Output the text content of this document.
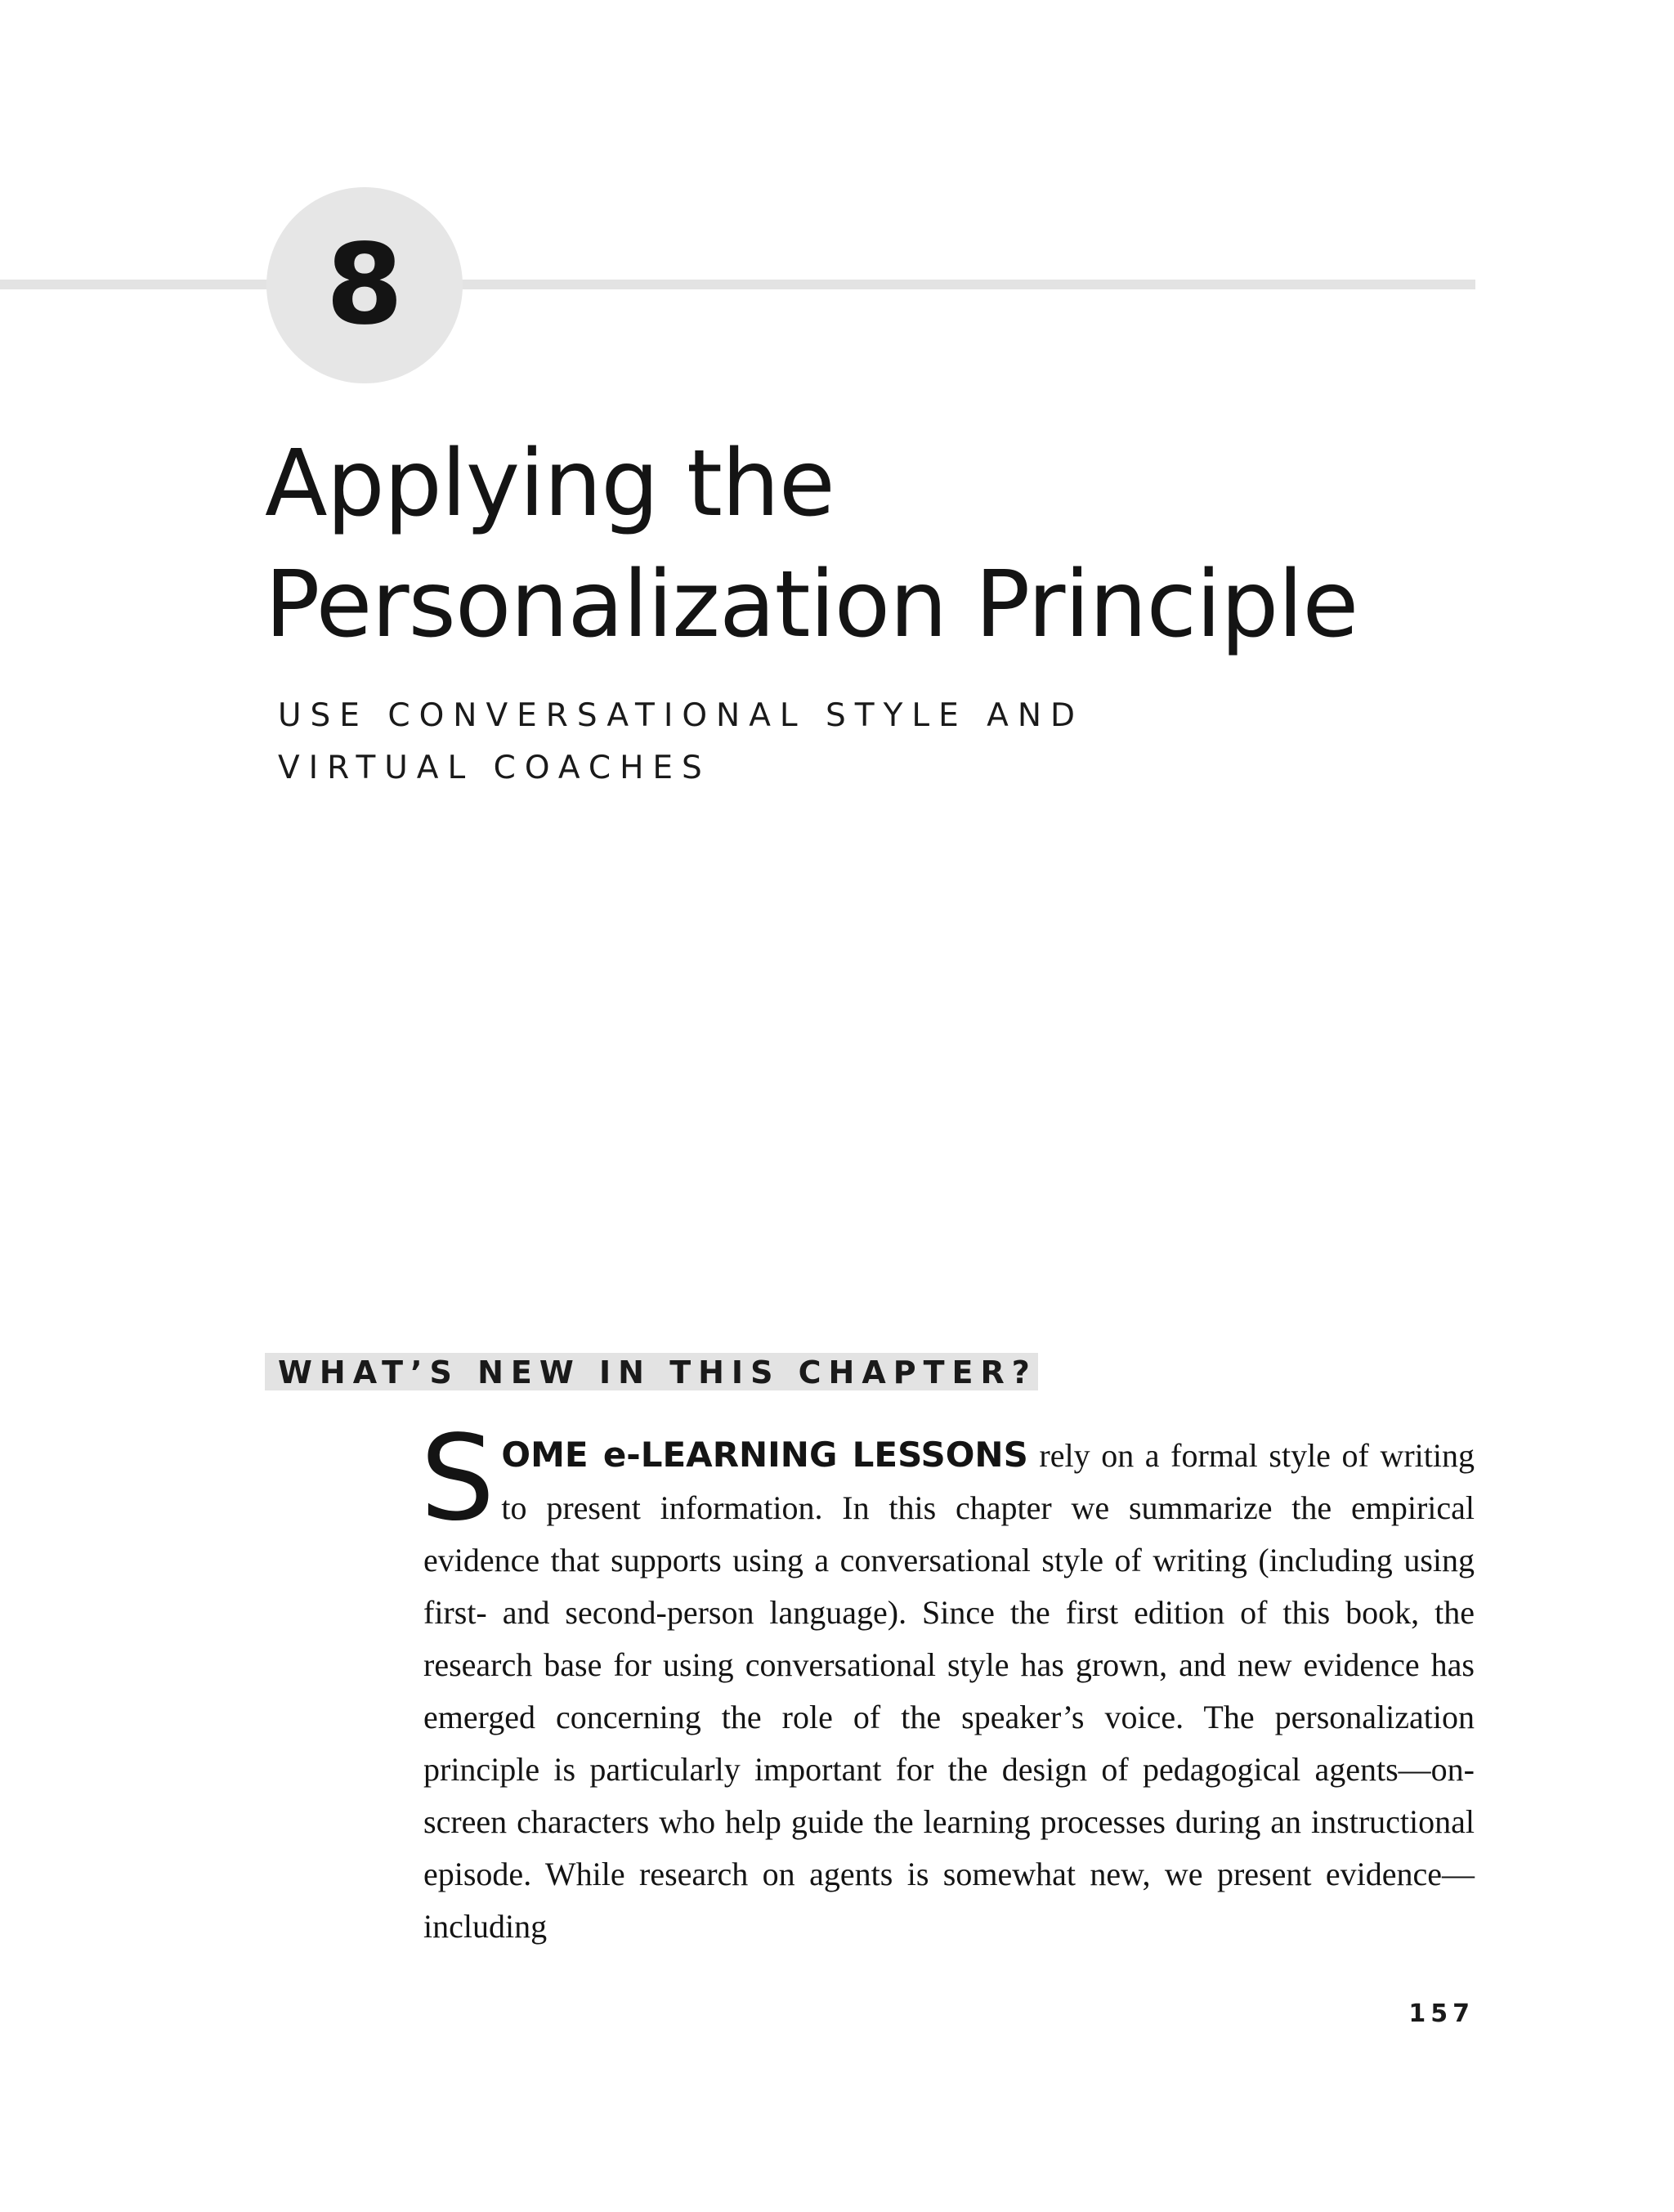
8
Applying the Personalization Principle
USE CONVERSATIONAL STYLE AND
VIRTUAL COACHES
WHAT’S NEW IN THIS CHAPTER?

SOME e-LEARNING LESSONS rely on a formal style of writing to present information. In this chapter we summarize the empirical evidence that supports using a conversational style of writing (including using first- and second-person language). Since the first edition of this book, the research base for using conversational style has grown, and new evidence has emerged concerning the role of the speaker’s voice. The personalization principle is particularly important for the design of pedagogical agents—on-screen characters who help guide the learning processes during an instructional episode. While research on agents is somewhat new, we present evidence—including

157
